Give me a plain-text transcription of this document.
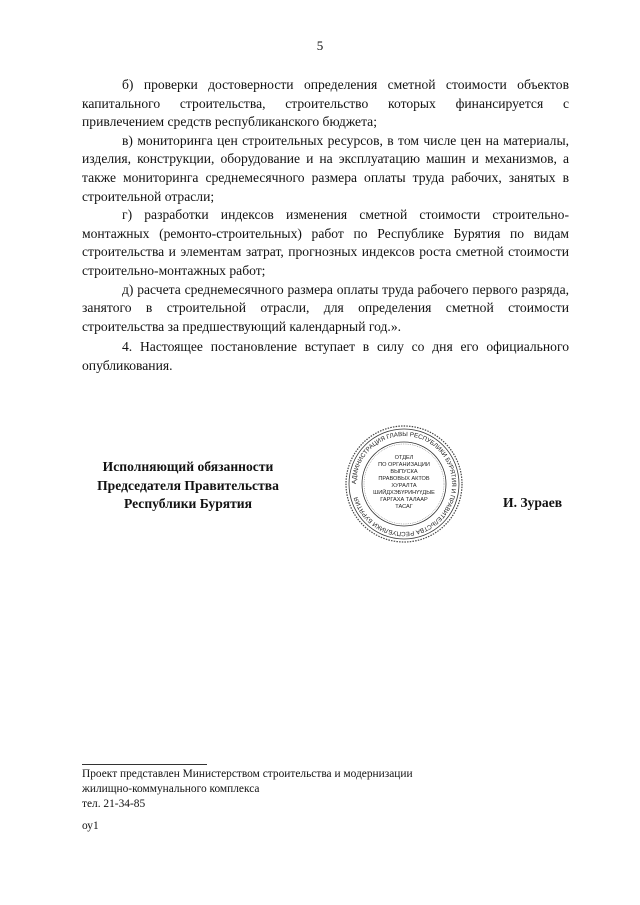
5

б) проверки достоверности определения сметной стоимости объектов капитального строительства, строительство которых финансируется с привлечением средств республиканского бюджета;

в) мониторинга цен строительных ресурсов, в том числе цен на материалы, изделия, конструкции, оборудование и на эксплуатацию машин и механизмов, а также мониторинга среднемесячного размера оплаты труда рабочих, занятых в строительной отрасли;

г) разработки индексов изменения сметной стоимости строительно-монтажных (ремонто-строительных) работ по Республике Бурятия по видам строительства и элементам затрат, прогнозных индексов роста сметной стоимости строительно-монтажных работ;

д) расчета среднемесячного размера оплаты труда рабочего первого разряда, занятого в строительной отрасли, для определения сметной стоимости строительства за предшествующий календарный год.».

4. Настоящее постановление вступает в силу со дня его официального опубликования.

Исполняющий обязанности
Председателя Правительства
Республики Бурятия
АДМИНИСТРАЦИЯ ГЛАВЫ РЕСПУБЛИКИ БУРЯТИЯ И ПРАВИТЕЛЬСТВА РЕСПУБЛИКИ БУРЯТИЯ
ОТДЕЛ
ПО ОРГАНИЗАЦИИ
ВЫПУСКА
ПРАВОВЫХ АКТОВ
ХУРАЛТА
ШИЙДХЭБҮРИНҮҮДЫЕ
ГАРГАХА ТАЛААР
ТАСАГ	И. Зураев
Проект представлен Министерством строительства и модернизации
жилищно-коммунального комплекса
тел. 21-34-85
оу1
